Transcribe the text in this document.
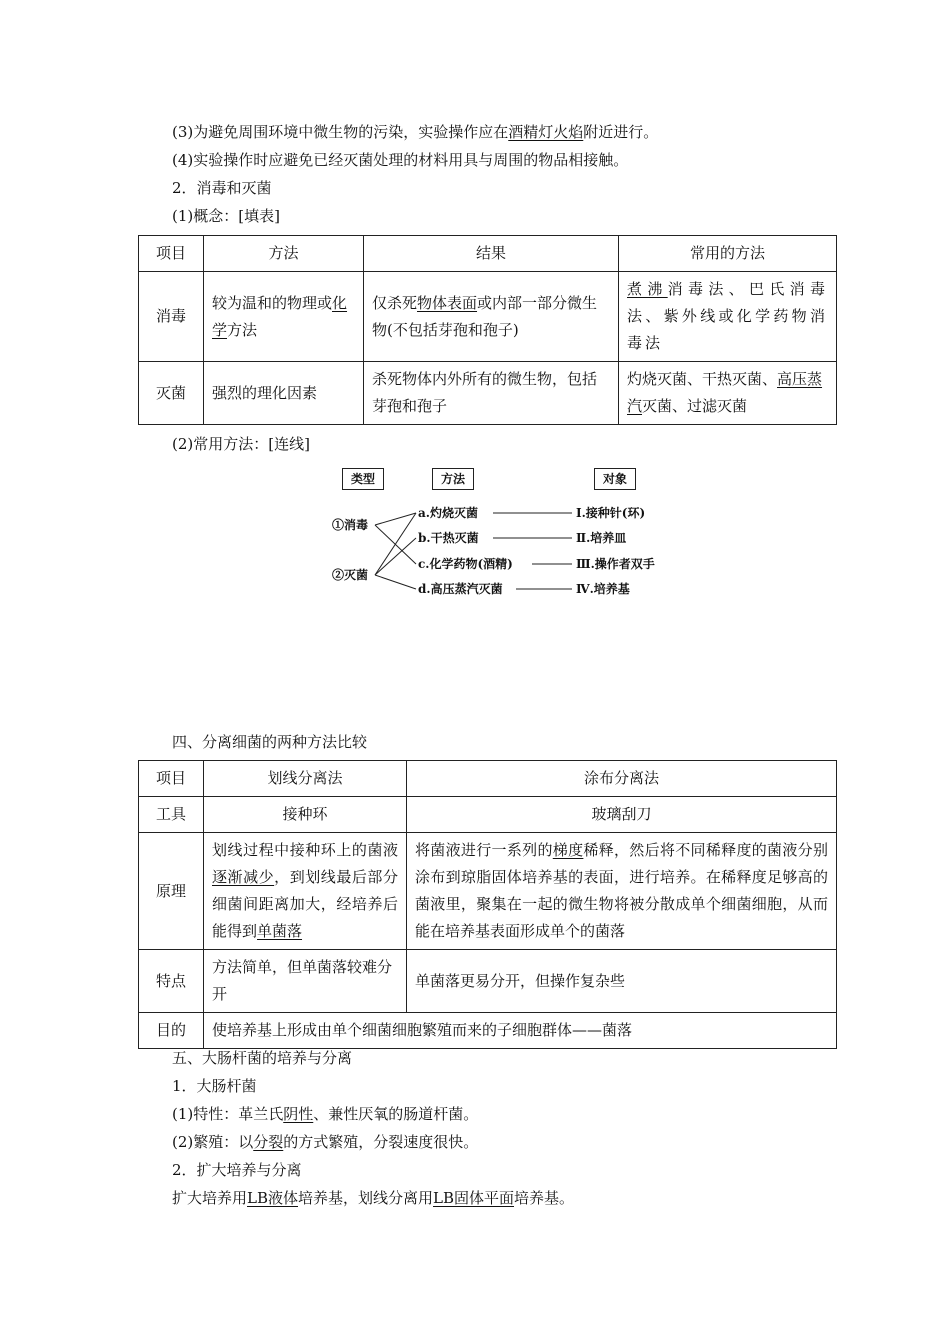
(3)为避免周围环境中微生物的污染，实验操作应在酒精灯火焰附近进行。
(4)实验操作时应避免已经灭菌处理的材料用具与周围的物品相接触。
2．消毒和灭菌
(1)概念：[填表]
项目	方法	结果	常用的方法
消毒	较为温和的物理或化学方法	仅杀死物体表面或内部一部分微生物(不包括芽孢和孢子)	煮沸消毒法、巴氏消毒法、紫外线或化学药物消毒法
灭菌	强烈的理化因素	杀死物体内外所有的微生物，包括芽孢和孢子	灼烧灭菌、干热灭菌、高压蒸汽灭菌、过滤灭菌
(2)常用方法：[连线]
类型	方法	对象
①消毒
②灭菌
a.灼烧灭菌
b.干热灭菌
c.化学药物(酒精)
d.高压蒸汽灭菌
Ⅰ.接种针(环)
Ⅱ.培养皿
Ⅲ.操作者双手
Ⅳ.培养基
四、分离细菌的两种方法比较
项目	划线分离法	涂布分离法
工具	接种环	玻璃刮刀
原理	划线过程中接种环上的菌液逐渐减少，到划线最后部分细菌间距离加大，经培养后能得到单菌落	将菌液进行一系列的梯度稀释，然后将不同稀释度的菌液分别涂布到琼脂固体培养基的表面，进行培养。在稀释度足够高的菌液里，聚集在一起的微生物将被分散成单个细菌细胞，从而能在培养基表面形成单个的菌落
特点	方法简单，但单菌落较难分开	单菌落更易分开，但操作复杂些
目的	使培养基上形成由单个细菌细胞繁殖而来的子细胞群体——菌落	
五、大肠杆菌的培养与分离
1．大肠杆菌
(1)特性：革兰氏阴性、兼性厌氧的肠道杆菌。
(2)繁殖：以分裂的方式繁殖，分裂速度很快。
2．扩大培养与分离
扩大培养用LB液体培养基，划线分离用LB固体平面培养基。
